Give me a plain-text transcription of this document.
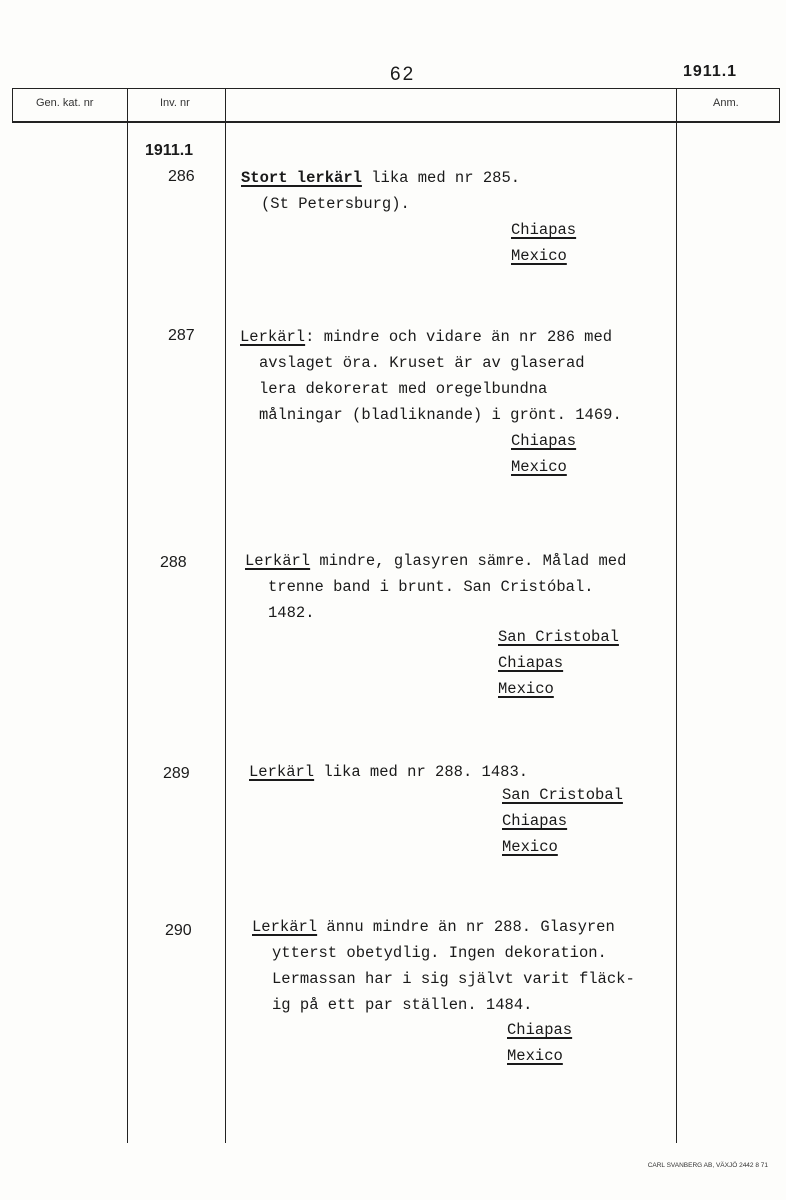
62	1911.1
Gen. kat. nr	Inv. nr	Anm.
1911.1
286	Stort lerkärl lika med nr 285.
(St Petersburg).
Chiapas
Mexico
287	Lerkärl: mindre och vidare än nr 286 med
avslaget öra. Kruset är av glaserad
lera dekorerat med oregelbundna
målningar (bladliknande) i grönt. 1469.
Chiapas
Mexico
288	Lerkärl mindre, glasyren sämre. Målad med
trenne band i brunt. San Cristóbal.
1482.
San Cristobal
Chiapas
Mexico
289	Lerkärl lika med nr 288. 1483.
San Cristobal
Chiapas
Mexico
290	Lerkärl ännu mindre än nr 288. Glasyren
ytterst obetydlig. Ingen dekoration.
Lermassan har i sig självt varit fläck-
ig på ett par ställen. 1484.
Chiapas
Mexico
CARL SVANBERG AB, VÄXJÖ 2442 8 71
